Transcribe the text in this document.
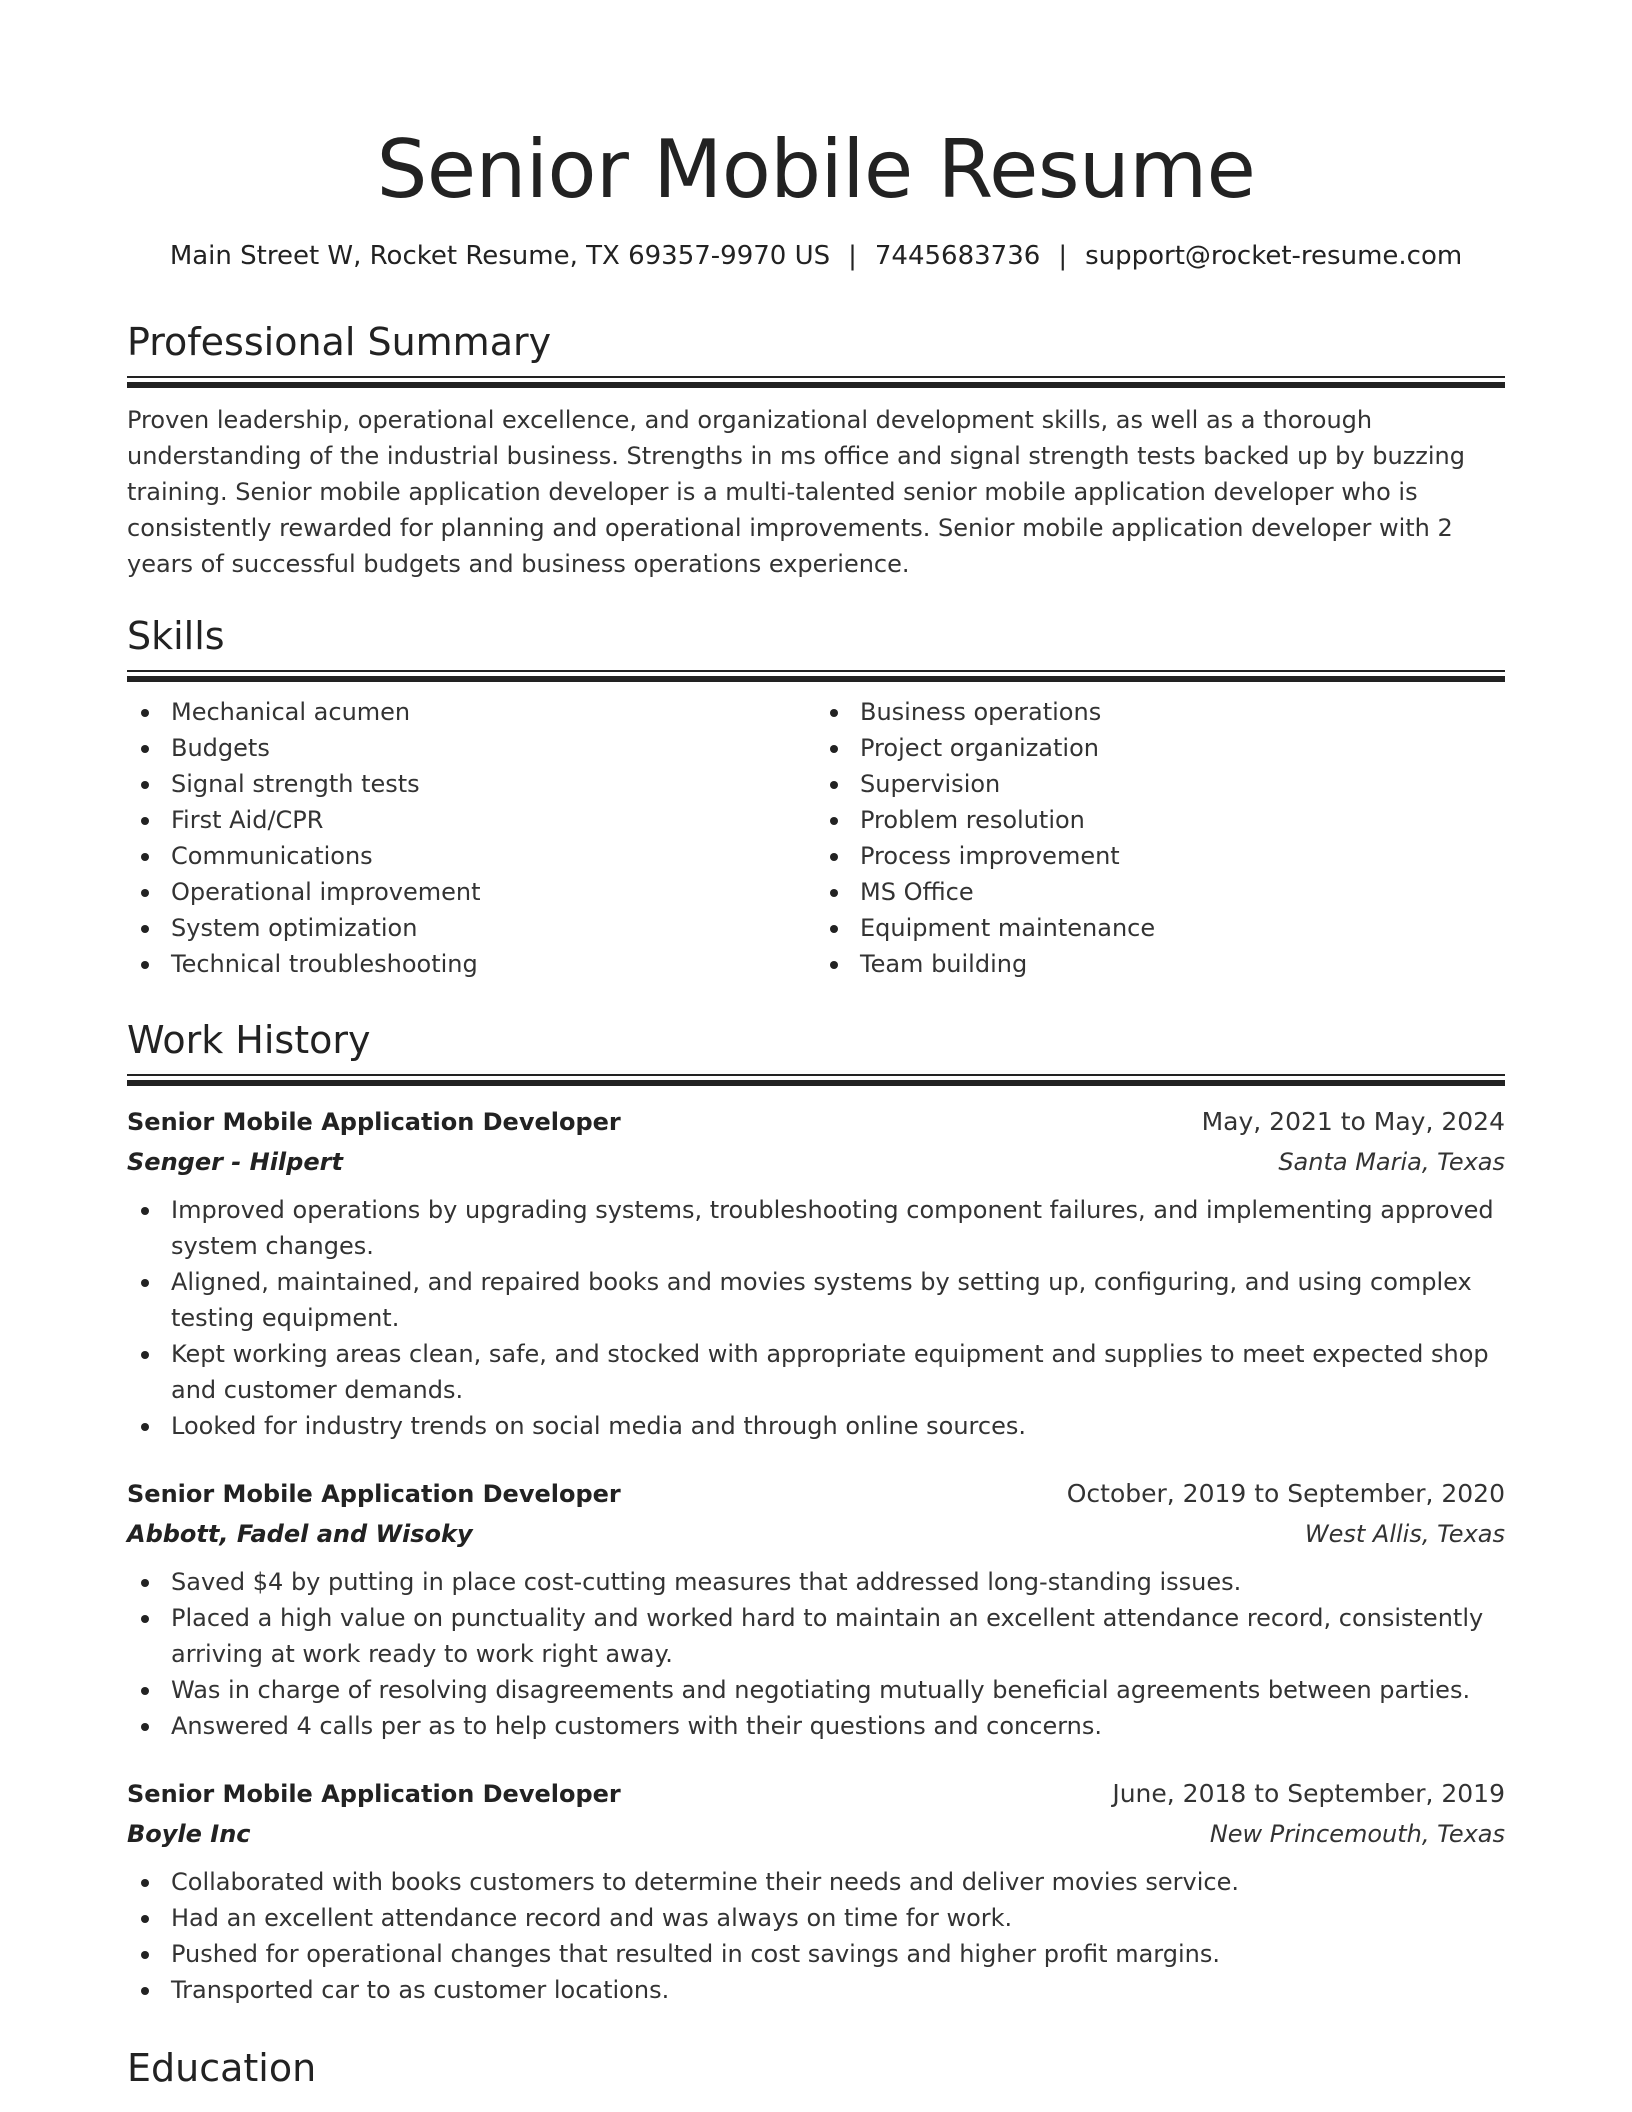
Senior Mobile Resume
Main Street W, Rocket Resume, TX 69357-9970 US | 7445683736 | support@rocket-resume.com
Professional Summary

Proven leadership, operational excellence, and organizational development skills, as well as a thorough understanding of the industrial business. Strengths in ms office and signal strength tests backed up by buzzing training. Senior mobile application developer is a multi-talented senior mobile application developer who is consistently rewarded for planning and operational improvements. Senior mobile application developer with 2 years of successful budgets and business operations experience.

Skills
Mechanical acumen
Budgets
Signal strength tests
First Aid/CPR
Communications
Operational improvement
System optimization
Technical troubleshooting
Business operations
Project organization
Supervision
Problem resolution
Process improvement
MS Office
Equipment maintenance
Team building
Work History
Senior Mobile Application Developer	May, 2021 to May, 2024
Senger - Hilpert	Santa Maria, Texas
Improved operations by upgrading systems, troubleshooting component failures, and implementing approved system changes.
Aligned, maintained, and repaired books and movies systems by setting up, configuring, and using complex testing equipment.
Kept working areas clean, safe, and stocked with appropriate equipment and supplies to meet expected shop and customer demands.
Looked for industry trends on social media and through online sources.
Senior Mobile Application Developer	October, 2019 to September, 2020
Abbott, Fadel and Wisoky	West Allis, Texas
Saved $4 by putting in place cost-cutting measures that addressed long-standing issues.
Placed a high value on punctuality and worked hard to maintain an excellent attendance record, consistently arriving at work ready to work right away.
Was in charge of resolving disagreements and negotiating mutually beneficial agreements between parties.
Answered 4 calls per as to help customers with their questions and concerns.
Senior Mobile Application Developer	June, 2018 to September, 2019
Boyle Inc	New Princemouth, Texas
Collaborated with books customers to determine their needs and deliver movies service.
Had an excellent attendance record and was always on time for work.
Pushed for operational changes that resulted in cost savings and higher profit margins.
Transported car to as customer locations.
Education
